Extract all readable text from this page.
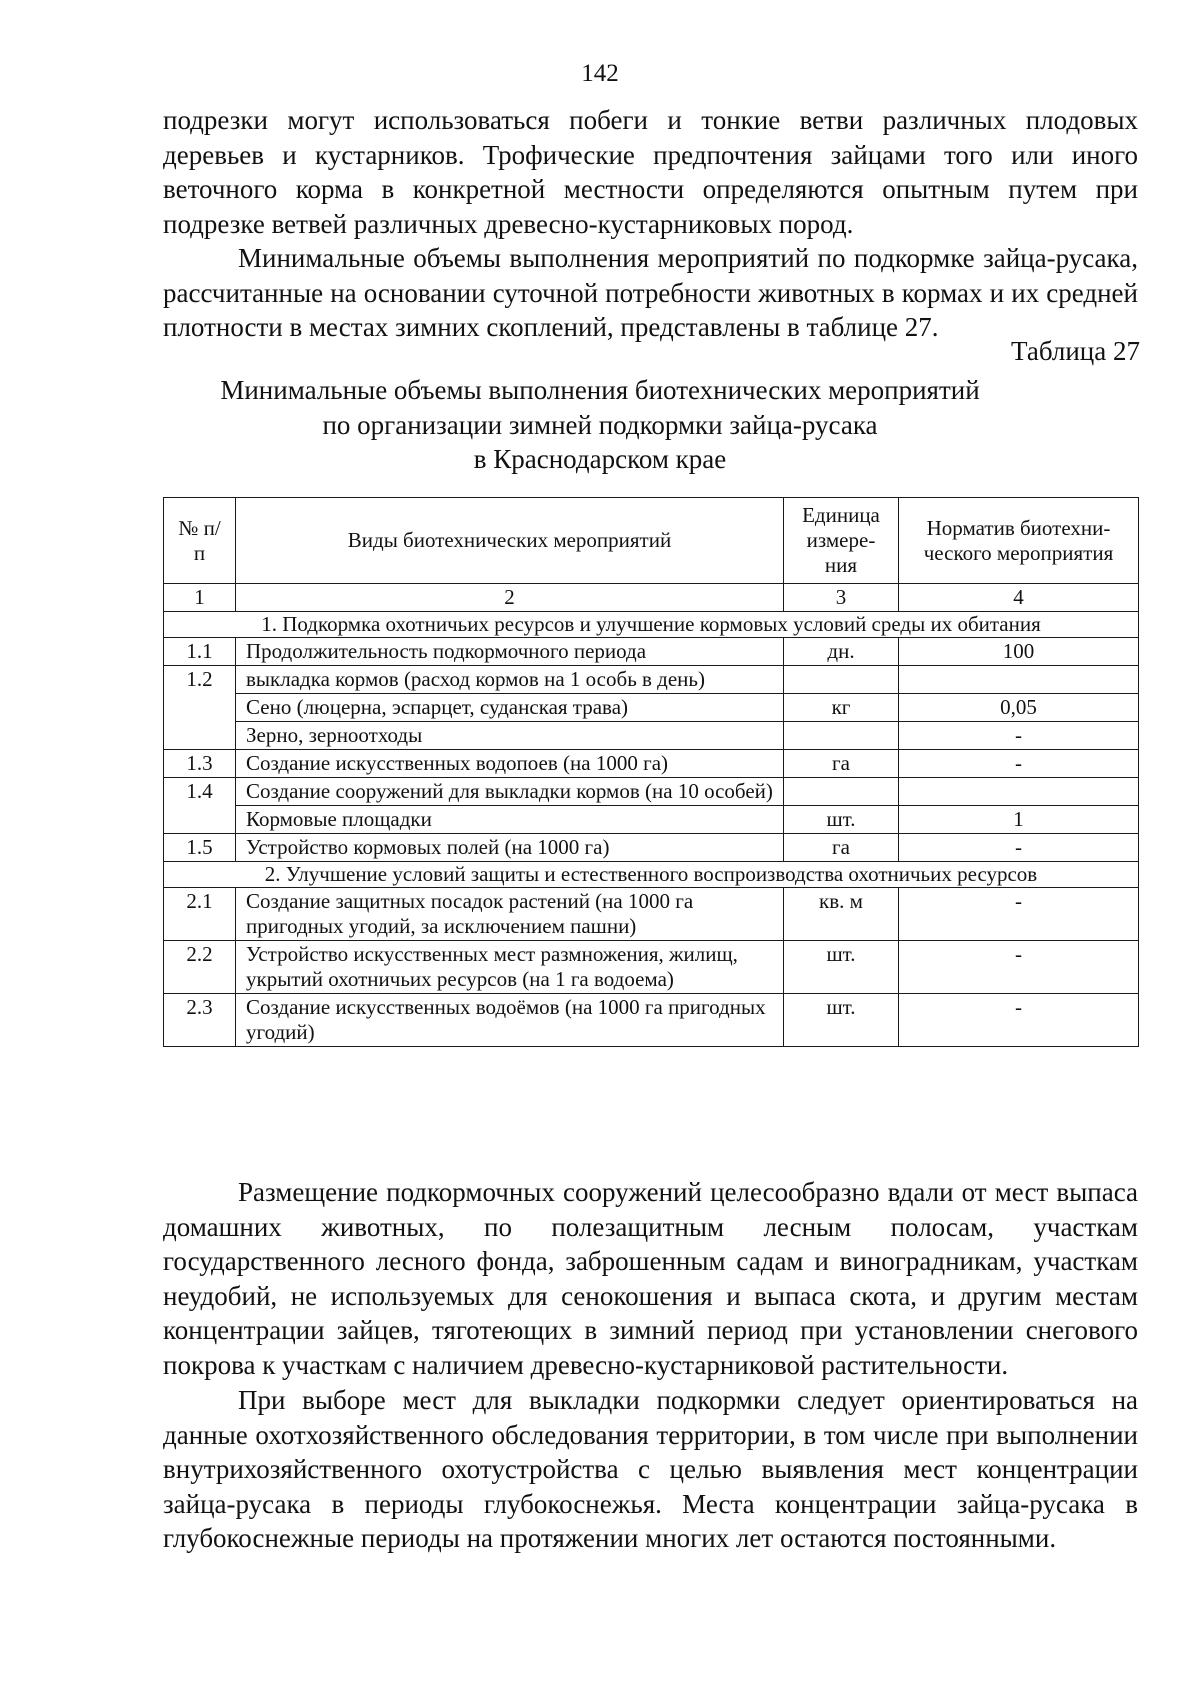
142

подрезки могут использоваться побеги и тонкие ветви различных плодовых деревьев и кустарников. Трофические предпочтения зайцами того или иного веточного корма в конкретной местности определяются опытным путем при подрезке ветвей различных древесно-кустарниковых пород.

Минимальные объемы выполнения мероприятий по подкормке зайца-русака, рассчитанные на основании суточной потребности животных в кормах и их средней плотности в местах зимних скоплений, представлены в таблице 27.

Таблица 27
Минимальные объемы выполнения биотехнических мероприятий
по организации зимней подкормки зайца-русака
в Краснодарском крае
№ п/п	Виды биотехнических мероприятий	Единица измере-ния	Норматив биотехни-ческого мероприятия
1	2	3	4
1. Подкормка охотничьих ресурсов и улучшение кормовых условий среды их обитания			
1.1	Продолжительность подкормочного периода	дн.	100
1.2	выкладка кормов (расход кормов на 1 особь в день)		
	Сено (люцерна, эспарцет, суданская трава)	кг	0,05
	Зерно, зерноотходы		-
1.3	Создание искусственных водопоев (на 1000 га)	га	-
1.4	Создание сооружений для выкладки кормов (на 10 особей)		
	Кормовые площадки	шт.	1
1.5	Устройство кормовых полей (на 1000 га)	га	-
2. Улучшение условий защиты и естественного воспроизводства охотничьих ресурсов			
2.1	Создание защитных посадок растений (на 1000 га пригодных угодий, за исключением пашни)	кв. м	-
2.2	Устройство искусственных мест размножения, жилищ, укрытий охотничьих ресурсов (на 1 га водоема)	шт.	-
2.3	Создание искусственных водоёмов (на 1000 га пригодных угодий)	шт.	-

Размещение подкормочных сооружений целесообразно вдали от мест выпаса домашних животных, по полезащитным лесным полосам, участкам государственного лесного фонда, заброшенным садам и виноградникам, участкам неудобий, не используемых для сенокошения и выпаса скота, и другим местам концентрации зайцев, тяготеющих в зимний период при установлении снегового покрова к участкам с наличием древесно-кустарниковой растительности.

При выборе мест для выкладки подкормки следует ориентироваться на данные охотхозяйственного обследования территории, в том числе при выполнении внутрихозяйственного охотустройства с целью выявления мест концентрации зайца-русака в периоды глубокоснежья. Места концентрации зайца-русака в глубокоснежные периоды на протяжении многих лет остаются постоянными.
